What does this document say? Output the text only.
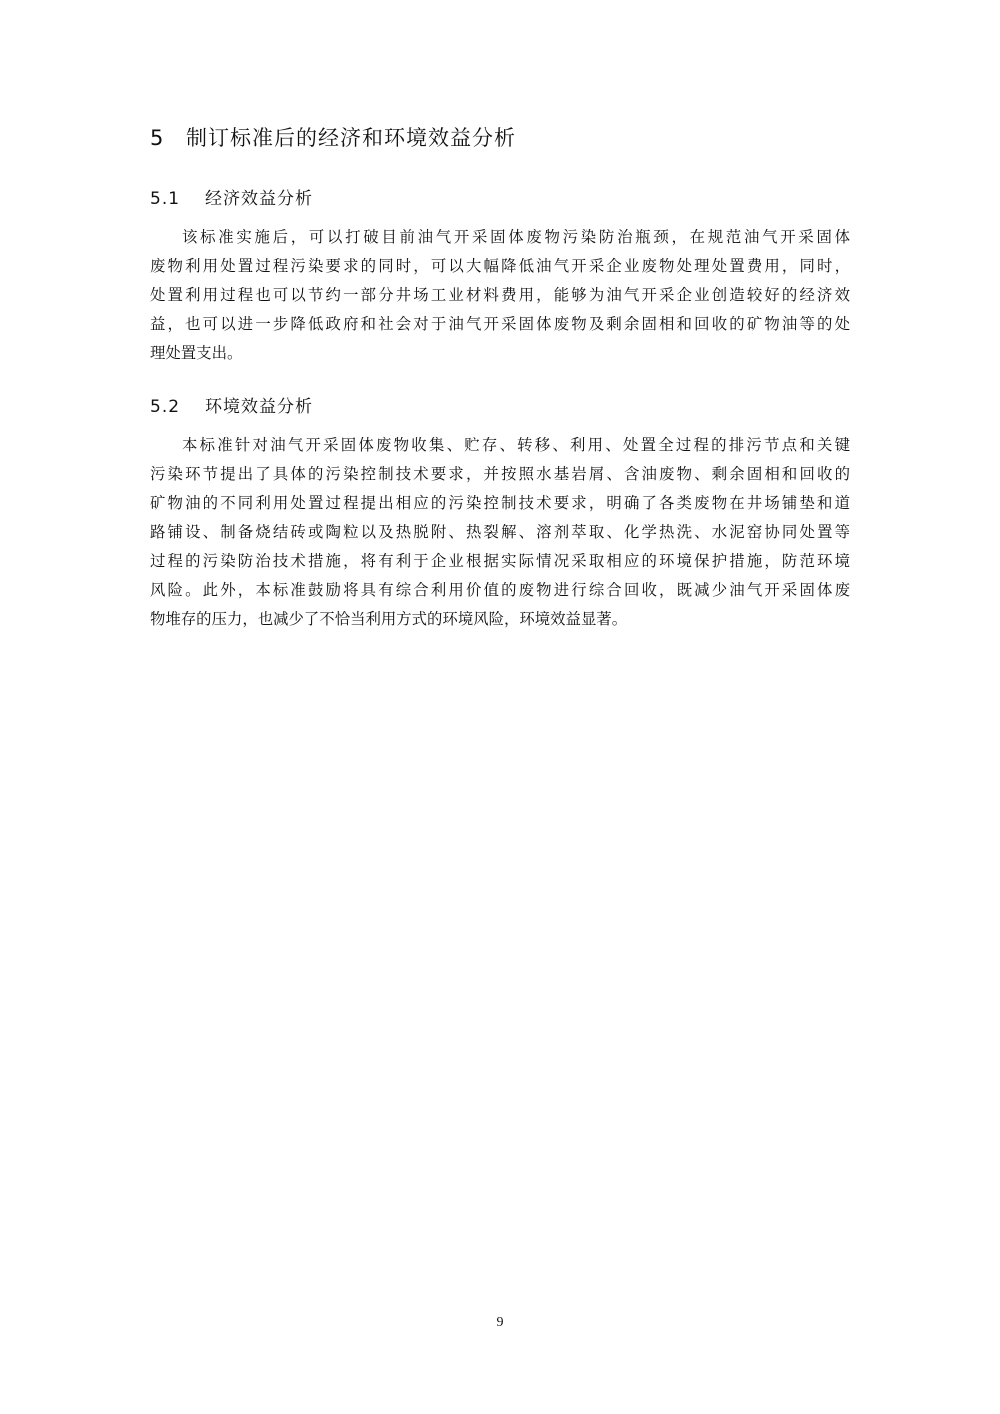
5 制订标准后的经济和环境效益分析
5.1 经济效益分析
该标准实施后，可以打破目前油气开采固体废物污染防治瓶颈，在规范油气开采固体
废物利用处置过程污染要求的同时，可以大幅降低油气开采企业废物处理处置费用，同时，
处置利用过程也可以节约一部分井场工业材料费用，能够为油气开采企业创造较好的经济效
益，也可以进一步降低政府和社会对于油气开采固体废物及剩余固相和回收的矿物油等的处
理处置支出。
5.2 环境效益分析
本标准针对油气开采固体废物收集、贮存、转移、利用、处置全过程的排污节点和关键
污染环节提出了具体的污染控制技术要求，并按照水基岩屑、含油废物、剩余固相和回收的
矿物油的不同利用处置过程提出相应的污染控制技术要求，明确了各类废物在井场铺垫和道
路铺设、制备烧结砖或陶粒以及热脱附、热裂解、溶剂萃取、化学热洗、水泥窑协同处置等
过程的污染防治技术措施，将有利于企业根据实际情况采取相应的环境保护措施，防范环境
风险。此外，本标准鼓励将具有综合利用价值的废物进行综合回收，既减少油气开采固体废
物堆存的压力，也减少了不恰当利用方式的环境风险，环境效益显著。
9
